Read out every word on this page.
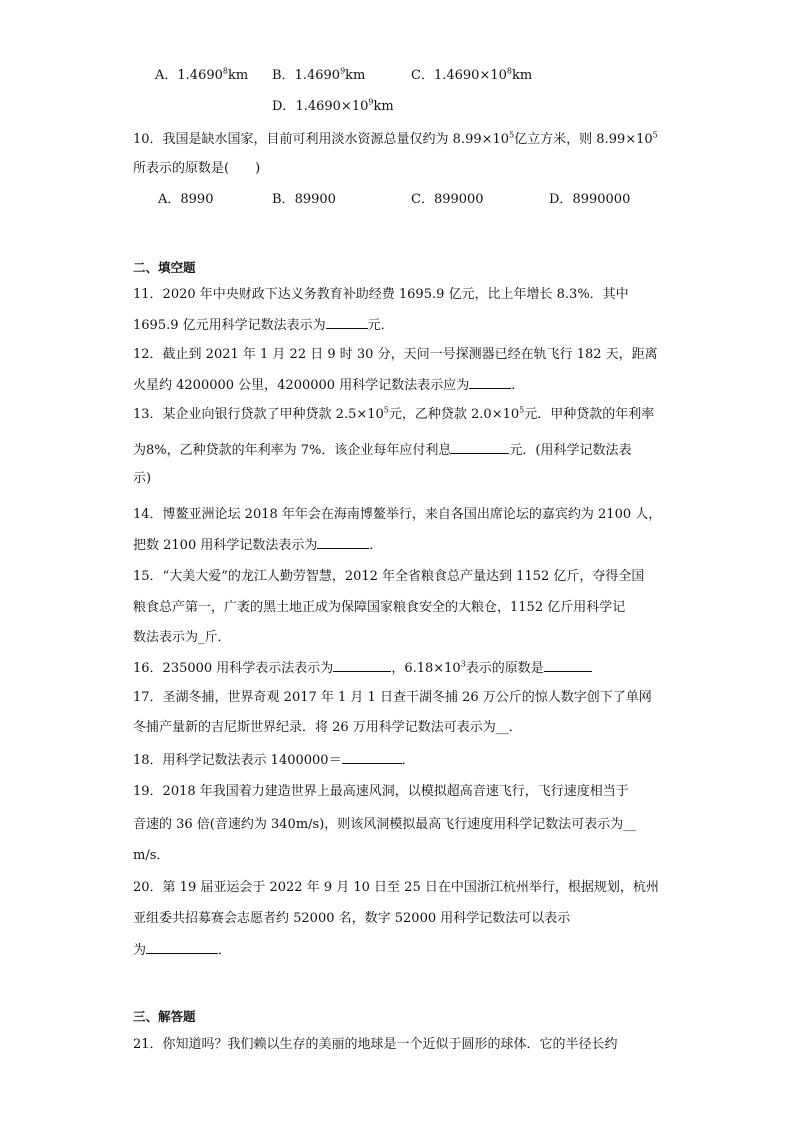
A．1.4690$^8$km B．1.4690$^9$km	C．$1.4690\times 10^8km$
D．$1.4690\times 10^9km$
10．我国是缺水国家，目前可利用淡水资源总量仅约为 $8.99\times 10^5$亿立方米，则 $8.99\times 10^5$
所表示的原数是(　　)
A．8990	B．89900	C．899000	D．8990000
二、填空题
11．2020 年中央财政下达义务教育补助经费 1695.9 亿元，比上年增长 8.3%．其中
1695.9 亿元用科学记数法表示为	元．
12．截止到 2021 年 1 月 22 日 9 时 30 分，天问一号探测器已经在轨飞行 182 天，距离
火星约 4200000 公里，4200000 用科学记数法表示应为	．
13．某企业向银行贷款了甲种贷款 $2.5\times 10^5$元，乙种贷款 $2.0\times 10^5$元．甲种贷款的年利率
为8%，乙种贷款的年利率为 7%．该企业每年应付利息	元．(用科学记数法表
示)
14．博鳌亚洲论坛 2018 年年会在海南博鳌举行，来自各国出席论坛的嘉宾约为 2100 人，
把数 2100 用科学记数法表示为	．
15．“大美大爱”的龙江人勤劳智慧，2012 年全省粮食总产量达到 1152 亿斤，夺得全国
粮食总产第一，广袤的黑土地正成为保障国家粮食安全的大粮仓，1152 亿斤用科学记
数法表示为_斤．
16．235000 用科学表示法表示为	，$6.18\times 10^3$表示的原数是
17．圣湖冬捕，世界奇观 2017 年 1 月 1 日查干湖冬捕 26 万公斤的惊人数字创下了单网
冬捕产量新的吉尼斯世界纪录．将 26 万用科学记数法可表示为__．
18．用科学记数法表示 1400000＝	．
19．2018 年我国着力建造世界上最高速风洞，以模拟超高音速飞行，飞行速度相当于
音速的 36 倍(音速约为 340m/s)，则该风洞模拟最高飞行速度用科学记数法可表示为__
m/s．
20．第 19 届亚运会于 2022 年 9 月 10 日至 25 日在中国浙江杭州举行，根据规划，杭州
亚组委共招募赛会志愿者约 52000 名，数字 52000 用科学记数法可以表示
为	．
三、解答题
21．你知道吗？我们赖以生存的美丽的地球是一个近似于圆形的球体．它的半径长约
